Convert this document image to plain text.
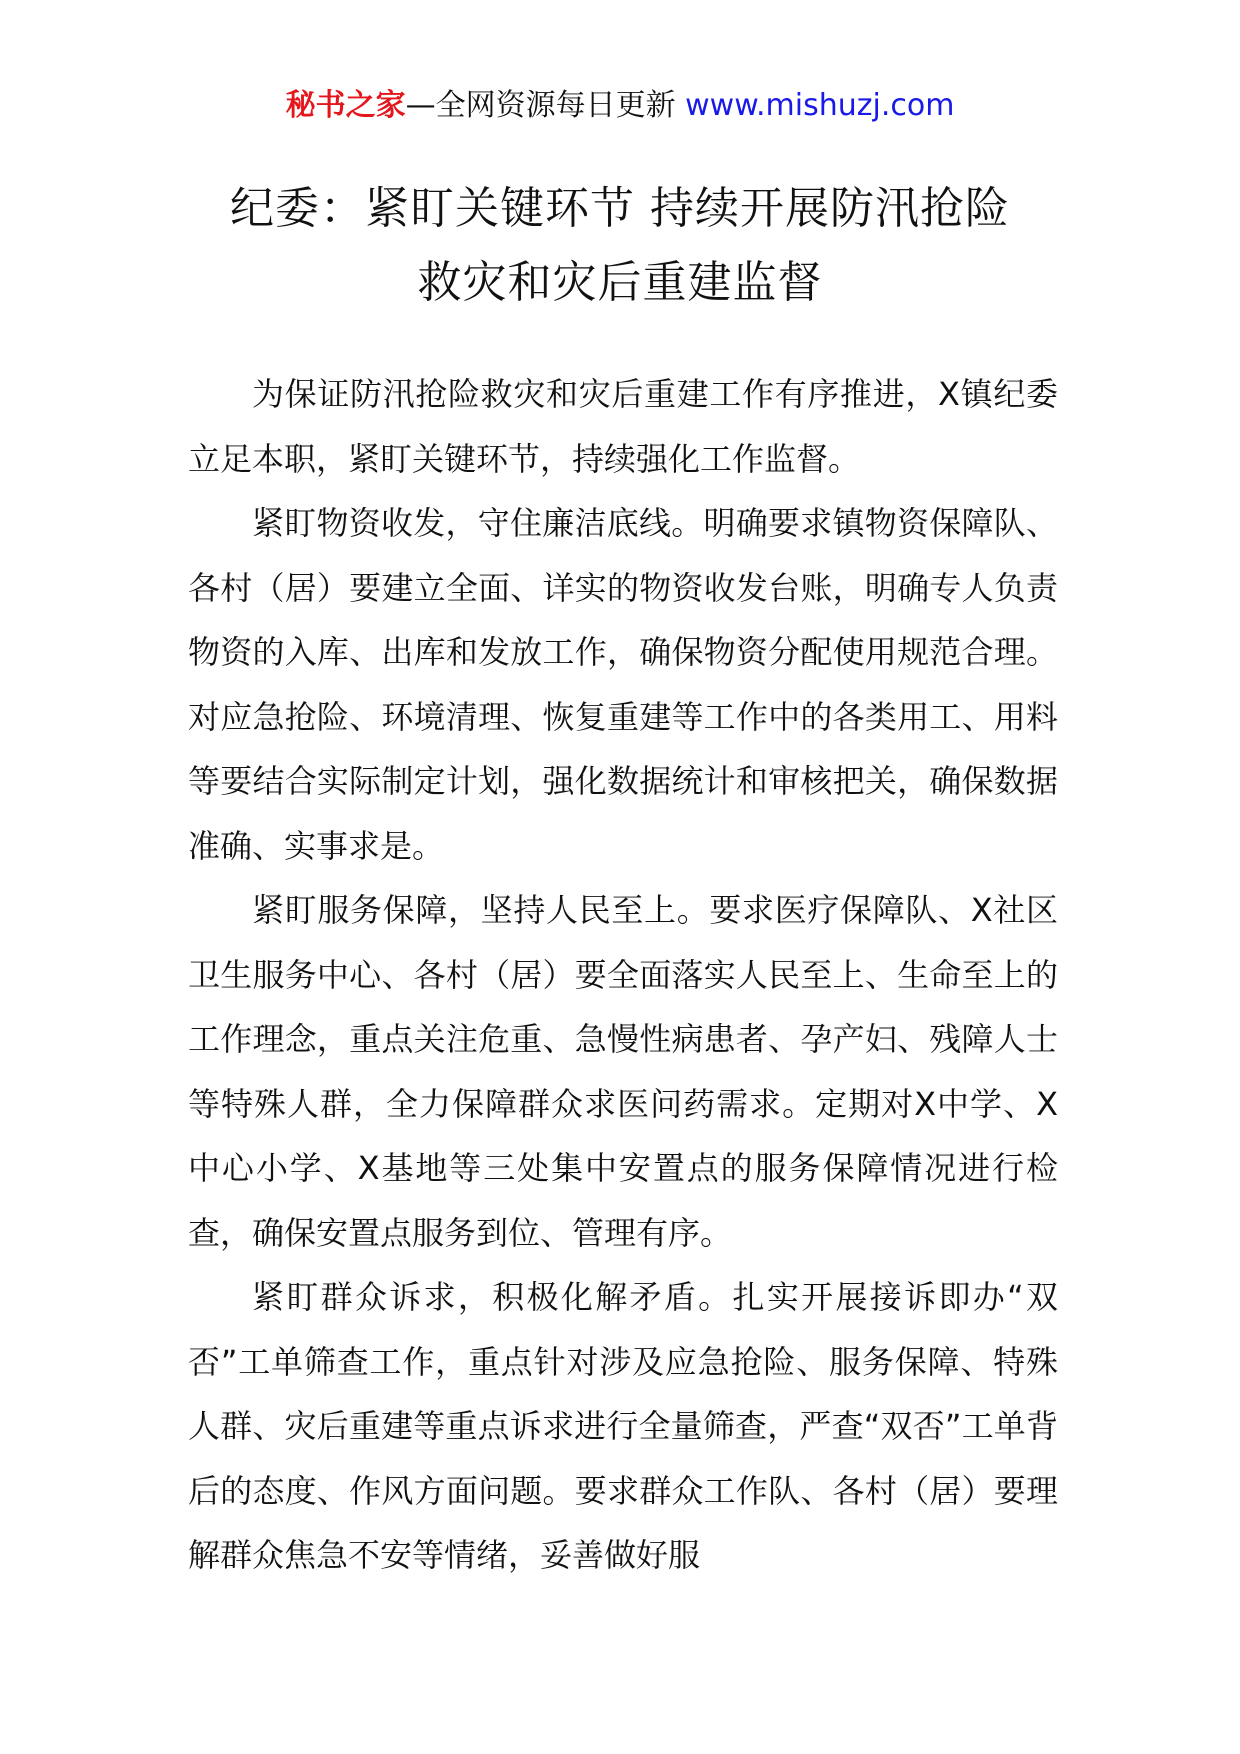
秘书之家—全网资源每日更新 www.mishuzj.com
纪委：紧盯关键环节 持续开展防汛抢险
救灾和灾后重建监督

为保证防汛抢险救灾和灾后重建工作有序推进，X镇纪委立足本职，紧盯关键环节，持续强化工作监督。

紧盯物资收发，守住廉洁底线。明确要求镇物资保障队、各村（居）要建立全面、详实的物资收发台账，明确专人负责物资的入库、出库和发放工作，确保物资分配使用规范合理。对应急抢险、环境清理、恢复重建等工作中的各类用工、用料等要结合实际制定计划，强化数据统计和审核把关，确保数据准确、实事求是。

紧盯服务保障，坚持人民至上。要求医疗保障队、X社区卫生服务中心、各村（居）要全面落实人民至上、生命至上的工作理念，重点关注危重、急慢性病患者、孕产妇、残障人士等特殊人群，全力保障群众求医问药需求。定期对X中学、X中心小学、X基地等三处集中安置点的服务保障情况进行检查，确保安置点服务到位、管理有序。

紧盯群众诉求，积极化解矛盾。扎实开展接诉即办“双否”工单筛查工作，重点针对涉及应急抢险、服务保障、特殊人群、灾后重建等重点诉求进行全量筛查，严查“双否”工单背后的态度、作风方面问题。要求群众工作队、各村（居）要理解群众焦急不安等情绪，妥善做好服
